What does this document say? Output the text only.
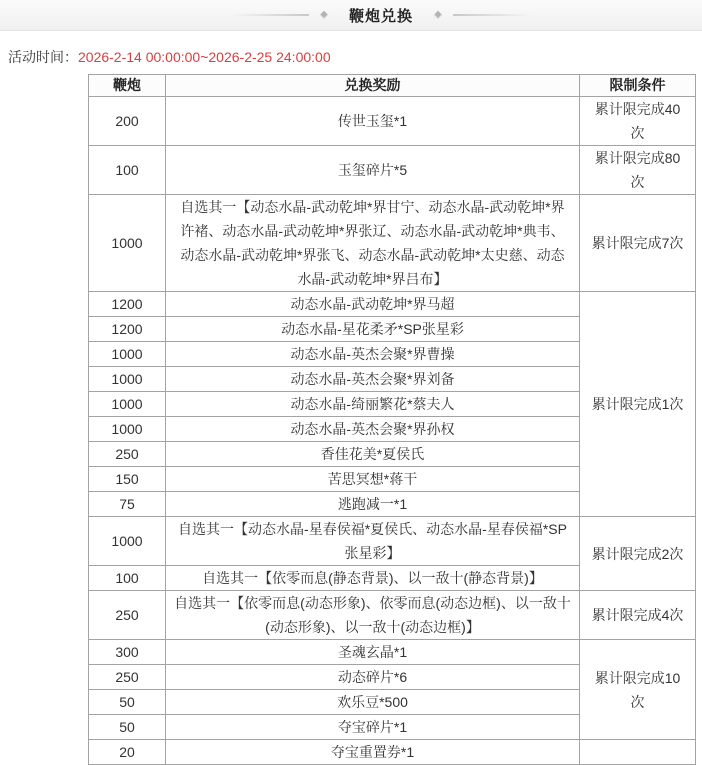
鞭炮兑换
活动时间：2026-2-14 00:00:00~2026-2-25 24:00:00
鞭炮	兑换奖励	限制条件
200	传世玉玺*1	累计限完成40次
100	玉玺碎片*5	累计限完成80次
1000	自选其一【动态水晶-武动乾坤*界甘宁、动态水晶-武动乾坤*界许褚、动态水晶-武动乾坤*界张辽、动态水晶-武动乾坤*典韦、动态水晶-武动乾坤*界张飞、动态水晶-武动乾坤*太史慈、动态水晶-武动乾坤*界吕布】	累计限完成7次
1200	动态水晶-武动乾坤*界马超	累计限完成1次
1200	动态水晶-星花柔矛*SP张星彩	
1000	动态水晶-英杰会聚*界曹操	
1000	动态水晶-英杰会聚*界刘备	
1000	动态水晶-绮丽繁花*蔡夫人	
1000	动态水晶-英杰会聚*界孙权	
250	香佳花美*夏侯氏	
150	苦思冥想*蒋干	
75	逃跑减一*1	
1000	自选其一【动态水晶-星春侯福*夏侯氏、动态水晶-星春侯福*SP张星彩】	累计限完成2次
100	自选其一【依零而息(静态背景)、以一敌十(静态背景)】	
250	自选其一【依零而息(动态形象)、依零而息(动态边框)、以一敌十(动态形象)、以一敌十(动态边框)】	累计限完成4次
300	圣魂玄晶*1	累计限完成10次
250	动态碎片*6	
50	欢乐豆*500	
50	夺宝碎片*1	
20	夺宝重置券*1	
